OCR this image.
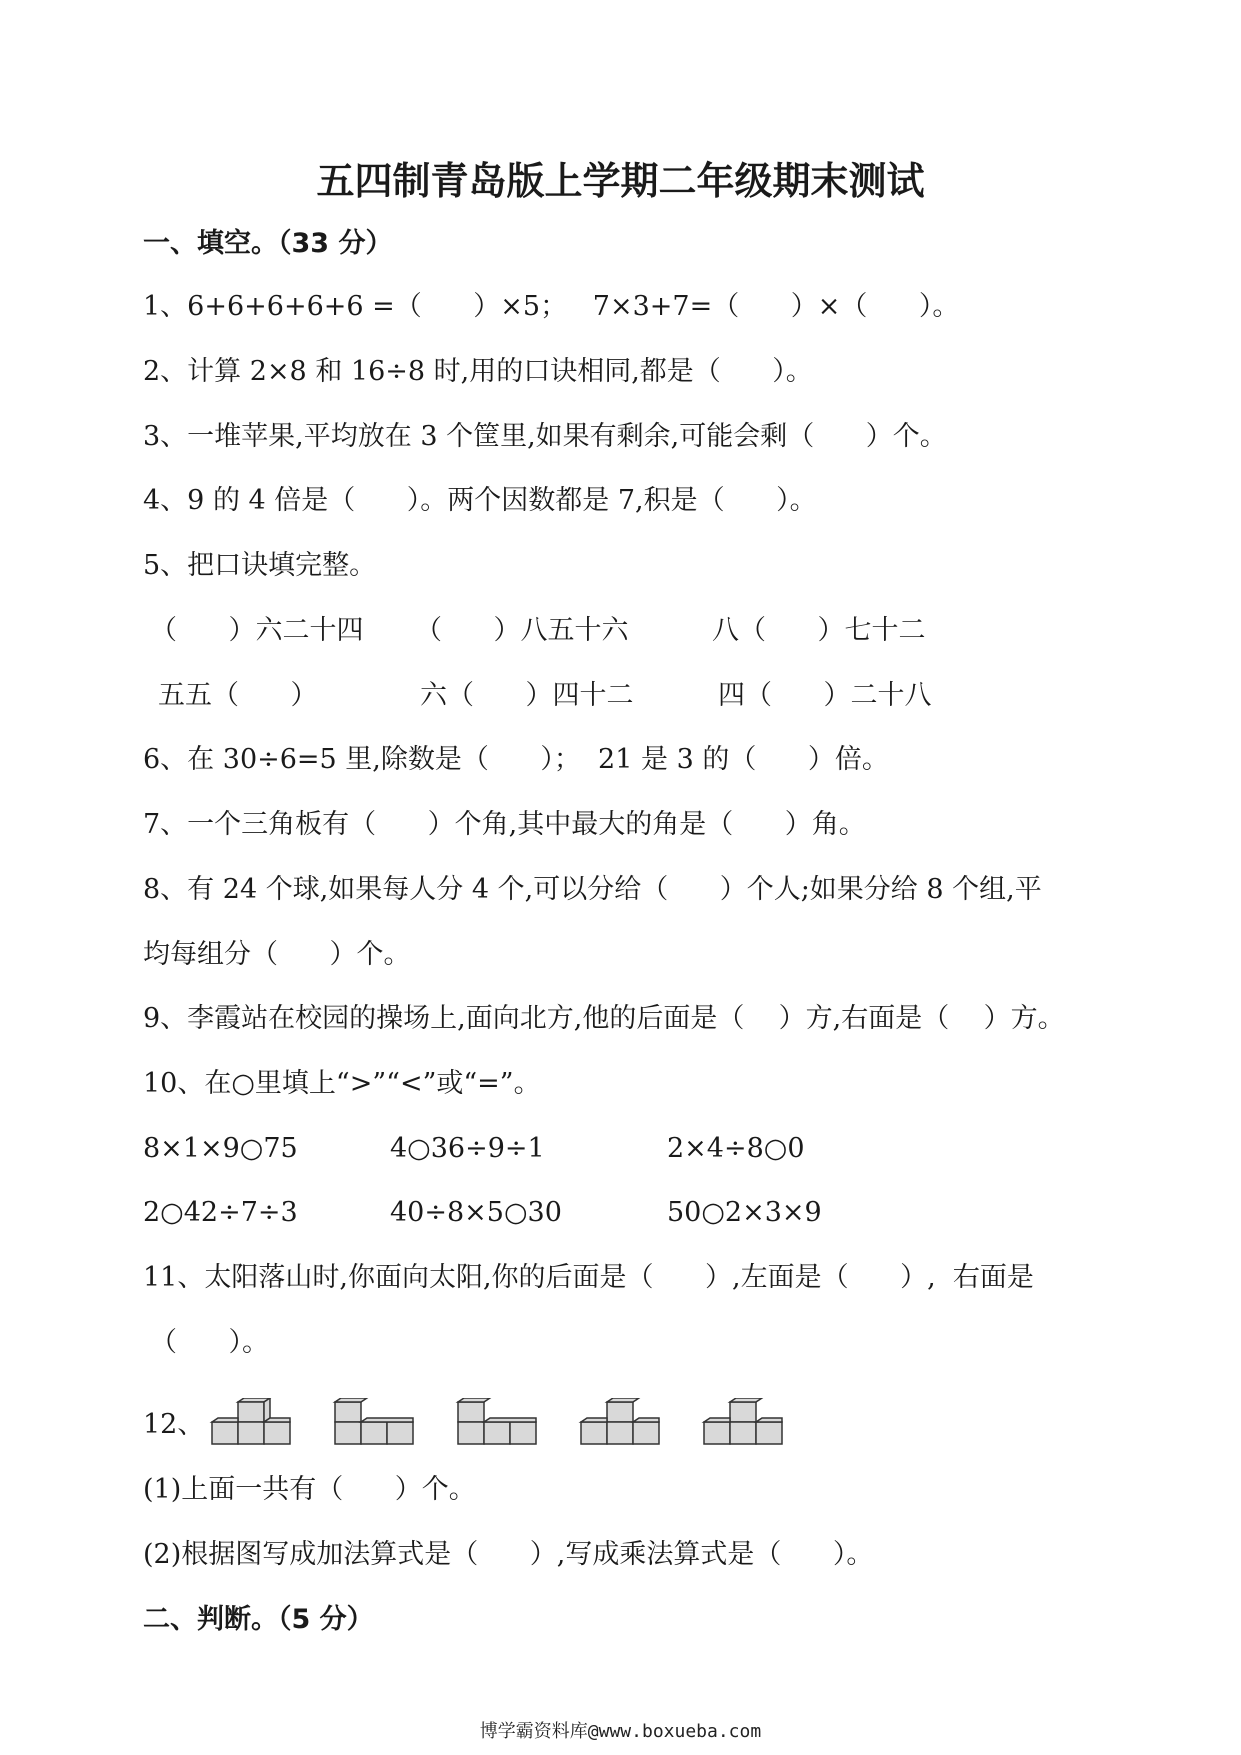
五四制青岛版上学期二年级期末测试
一、填空。（33 分）
1、6+6+6+6+6 =（      ）×5；   7×3+7=（      ）×（      ）。
2、计算 2×8 和 16÷8 时,用的口诀相同,都是（      ）。
3、一堆苹果,平均放在 3 个筐里,如果有剩余,可能会剩（      ）个。
4、9 的 4 倍是（      ）。两个因数都是 7,积是（      ）。
5、把口诀填完整。
（      ）六二十四 （      ）八五十六	八（      ）七十二
五五（      ）	六（      ）四十二	四（      ）二十八
6、在 30÷6=5 里,除数是（      ）；  21 是 3 的（      ）倍。
7、一个三角板有（      ）个角,其中最大的角是（      ）角。
8、有 24 个球,如果每人分 4 个,可以分给（      ）个人;如果分给 8 个组,平
均每组分（      ）个。
9、李霞站在校园的操场上,面向北方,他的后面是（    ）方,右面是（    ）方。
10、在○里填上“>”“<”或“=”。
8×1×9○75	4○36÷9÷1	2×4÷8○0
2○42÷7÷3	40÷8×5○30	50○2×3×9
11、太阳落山时,你面向太阳,你的后面是（      ）,左面是（      ）,  右面是
（      ）。
12、
(1)上面一共有（      ）个。
(2)根据图写成加法算式是（      ）,写成乘法算式是（      ）。
二、判断。（5 分）
博学霸资料库@www.boxueba.com
